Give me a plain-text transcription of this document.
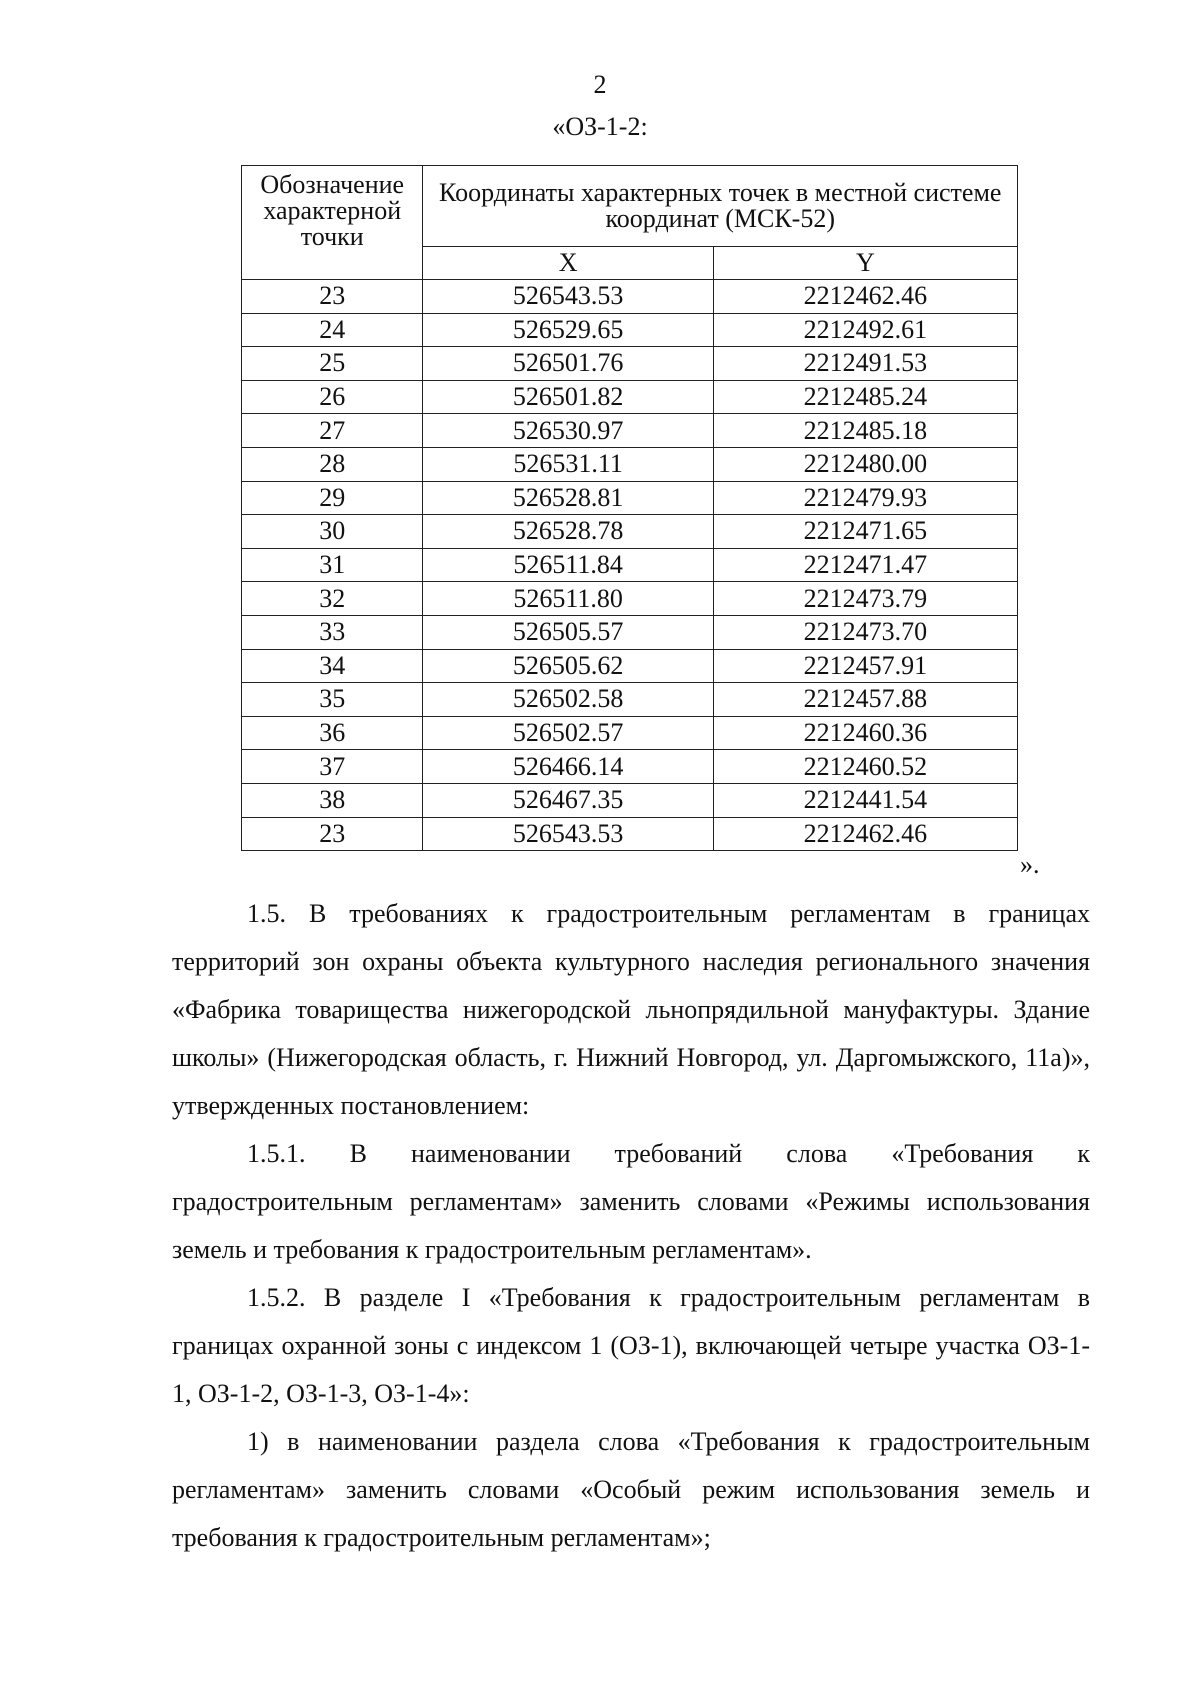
2
«ОЗ-1-2:
Обозначение характерной точки	Координаты характерных точек в местной системе координат (МСК-52)	
	X	Y
23	526543.53	2212462.46
24	526529.65	2212492.61
25	526501.76	2212491.53
26	526501.82	2212485.24
27	526530.97	2212485.18
28	526531.11	2212480.00
29	526528.81	2212479.93
30	526528.78	2212471.65
31	526511.84	2212471.47
32	526511.80	2212473.79
33	526505.57	2212473.70
34	526505.62	2212457.91
35	526502.58	2212457.88
36	526502.57	2212460.36
37	526466.14	2212460.52
38	526467.35	2212441.54
23	526543.53	2212462.46
».

1.5. В требованиях к градостроительным регламентам в границах территорий зон охраны объекта культурного наследия регионального значения «Фабрика товарищества нижегородской льнопрядильной мануфактуры. Здание школы» (Нижегородская область, г. Нижний Новгород, ул. Даргомыжского, 11а)», утвержденных постановлением:

1.5.1. В наименовании требований слова «Требования к градостроительным регламентам» заменить словами «Режимы использования земель и требования к градостроительным регламентам».

1.5.2. В разделе I «Требования к градостроительным регламентам в границах охранной зоны с индексом 1 (ОЗ-1), включающей четыре участка ОЗ-1-1, ОЗ-1-2, ОЗ-1-3, ОЗ-1-4»:

1) в наименовании раздела слова «Требования к градостроительным регламентам» заменить словами «Особый режим использования земель и требования к градостроительным регламентам»;
